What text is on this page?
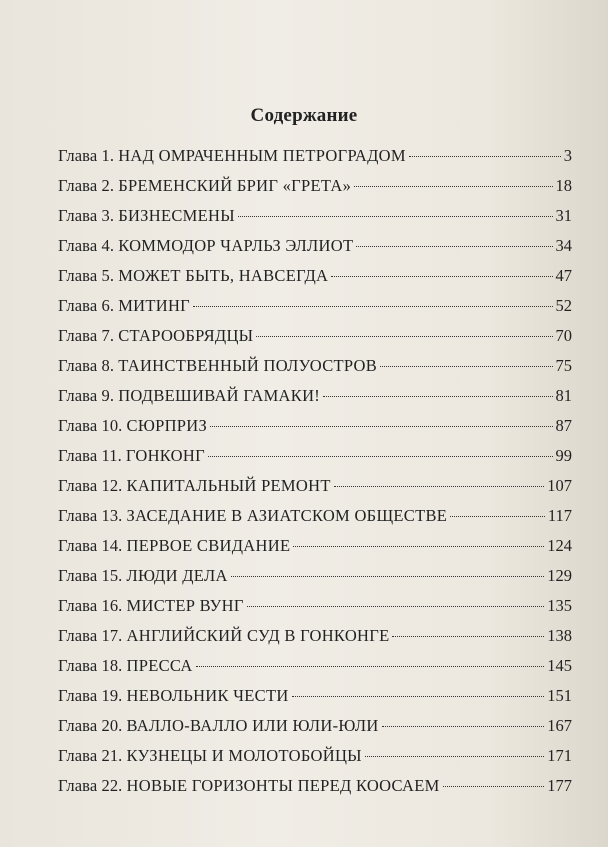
Содержание
Глава 1. НАД ОМРАЧЕННЫМ ПЕТРОГРАДОМ	3
Глава 2. БРЕМЕНСКИЙ БРИГ «ГРЕТА»	18
Глава 3. БИЗНЕСМЕНЫ	31
Глава 4. КОММОДОР ЧАРЛЬЗ ЭЛЛИОТ	34
Глава 5. МОЖЕТ БЫТЬ, НАВСЕГДА	47
Глава 6. МИТИНГ	52
Глава 7. СТАРООБРЯДЦЫ	70
Глава 8. ТАИНСТВЕННЫЙ ПОЛУОСТРОВ	75
Глава 9. ПОДВЕШИВАЙ ГАМАКИ!	81
Глава 10. СЮРПРИЗ	87
Глава 11. ГОНКОНГ	99
Глава 12. КАПИТАЛЬНЫЙ РЕМОНТ	107
Глава 13. ЗАСЕДАНИЕ В АЗИАТСКОМ ОБЩЕСТВЕ	117
Глава 14. ПЕРВОЕ СВИДАНИЕ	124
Глава 15. ЛЮДИ ДЕЛА	129
Глава 16. МИСТЕР ВУНГ	135
Глава 17. АНГЛИЙСКИЙ СУД В ГОНКОНГЕ	138
Глава 18. ПРЕССА	145
Глава 19. НЕВОЛЬНИК ЧЕСТИ	151
Глава 20. ВАЛЛО-ВАЛЛО ИЛИ ЮЛИ-ЮЛИ	167
Глава 21. КУЗНЕЦЫ И МОЛОТОБОЙЦЫ	171
Глава 22. НОВЫЕ ГОРИЗОНТЫ ПЕРЕД КООСАЕМ	177
